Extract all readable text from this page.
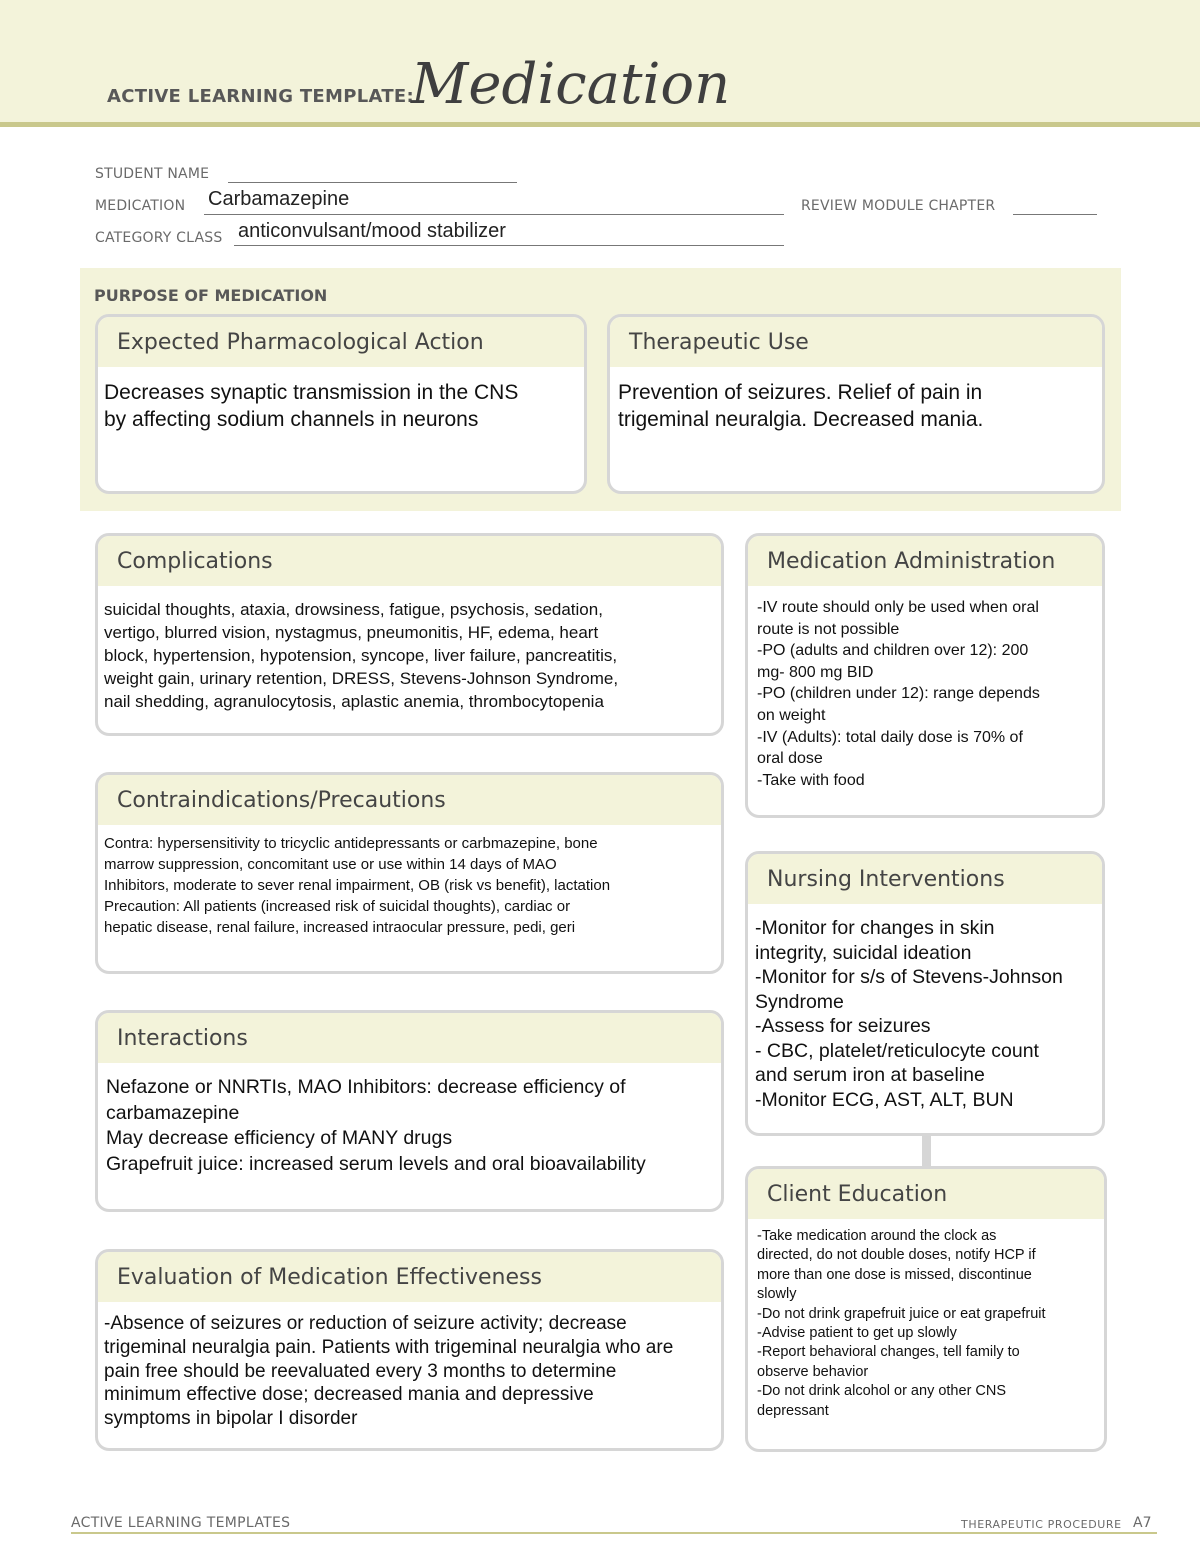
ACTIVE LEARNING TEMPLATE:
Medication
STUDENT NAME
MEDICATION Carbamazepine	REVIEW MODULE CHAPTER
CATEGORY CLASS anticonvulsant/mood stabilizer
PURPOSE OF MEDICATION
Expected Pharmacological Action
Decreases synaptic transmission in the CNS
by affecting sodium channels in neurons
Therapeutic Use
Prevention of seizures. Relief of pain in
trigeminal neuralgia. Decreased mania.
Complications
suicidal thoughts, ataxia, drowsiness, fatigue, psychosis, sedation,
vertigo, blurred vision, nystagmus, pneumonitis, HF, edema, heart
block, hypertension, hypotension, syncope, liver failure, pancreatitis,
weight gain, urinary retention, DRESS, Stevens-Johnson Syndrome,
nail shedding, agranulocytosis, aplastic anemia, thrombocytopenia
Medication Administration
-IV route should only be used when oral
route is not possible
-PO (adults and children over 12): 200
mg- 800 mg BID
-PO (children under 12): range depends
on weight
-IV (Adults): total daily dose is 70% of
oral dose
-Take with food
Contraindications/Precautions
Contra: hypersensitivity to tricyclic antidepressants or carbmazepine, bone
marrow suppression, concomitant use or use within 14 days of MAO
Inhibitors, moderate to sever renal impairment, OB (risk vs benefit), lactation
Precaution: All patients (increased risk of suicidal thoughts), cardiac or
hepatic disease, renal failure, increased intraocular pressure, pedi, geri
Nursing Interventions
-Monitor for changes in skin
integrity, suicidal ideation
-Monitor for s/s of Stevens-Johnson
Syndrome
-Assess for seizures
- CBC, platelet/reticulocyte count
and serum iron at baseline
-Monitor ECG, AST, ALT, BUN
Interactions
Nefazone or NNRTIs, MAO Inhibitors: decrease efficiency of
carbamazepine
May decrease efficiency of MANY drugs
Grapefruit juice: increased serum levels and oral bioavailability
Client Education
-Take medication around the clock as
directed, do not double doses, notify HCP if
more than one dose is missed, discontinue
slowly
-Do not drink grapefruit juice or eat grapefruit
-Advise patient to get up slowly
-Report behavioral changes, tell family to
observe behavior
-Do not drink alcohol or any other CNS
depressant
Evaluation of Medication Effectiveness
-Absence of seizures or reduction of seizure activity; decrease
trigeminal neuralgia pain. Patients with trigeminal neuralgia who are
pain free should be reevaluated every 3 months to determine
minimum effective dose; decreased mania and depressive
symptoms in bipolar I disorder
ACTIVE LEARNING TEMPLATES	THERAPEUTIC PROCEDURE A7
